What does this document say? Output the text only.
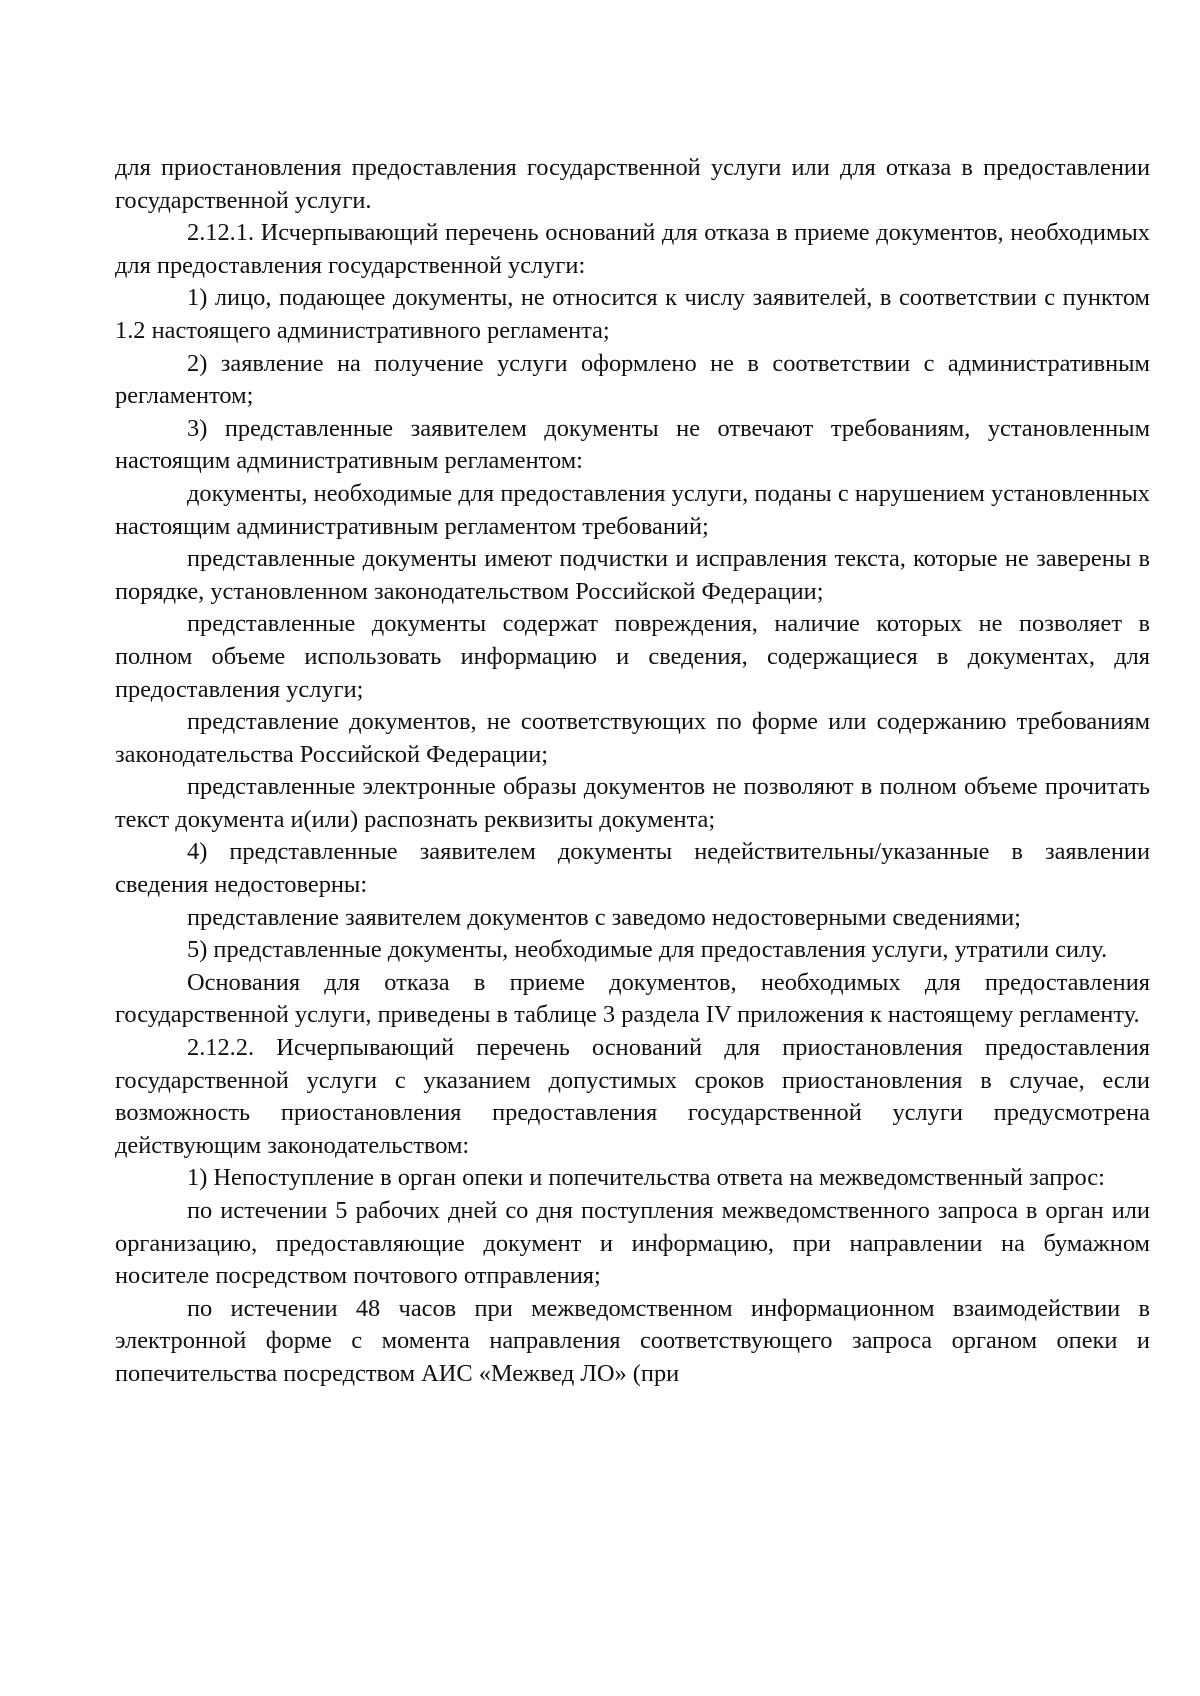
для приостановления предоставления государственной услуги или для отказа в предоставлении государственной услуги.

2.12.1. Исчерпывающий перечень оснований для отказа в приеме документов, необходимых для предоставления государственной услуги:

1) лицо, подающее документы, не относится к числу заявителей, в соответствии с пунктом 1.2 настоящего административного регламента;

2) заявление на получение услуги оформлено не в соответствии с административным регламентом;

3) представленные заявителем документы не отвечают требованиям, установленным настоящим административным регламентом:

документы, необходимые для предоставления услуги, поданы с нарушением установленных настоящим административным регламентом требований;

представленные документы имеют подчистки и исправления текста, которые не заверены в порядке, установленном законодательством Российской Федерации;

представленные документы содержат повреждения, наличие которых не позволяет в полном объеме использовать информацию и сведения, содержащиеся в документах, для предоставления услуги;

представление документов, не соответствующих по форме или содержанию требованиям законодательства Российской Федерации;

представленные электронные образы документов не позволяют в полном объеме прочитать текст документа и(или) распознать реквизиты документа;

4) представленные заявителем документы недействительны/указанные в заявлении сведения недостоверны:

представление заявителем документов с заведомо недостоверными сведениями;

5) представленные документы, необходимые для предоставления услуги, утратили силу.

Основания для отказа в приеме документов, необходимых для предоставления государственной услуги, приведены в таблице 3 раздела IV приложения к настоящему регламенту.

2.12.2. Исчерпывающий перечень оснований для приостановления предоставления государственной услуги с указанием допустимых сроков приостановления в случае, если возможность приостановления предоставления государственной услуги предусмотрена действующим законодательством:

1) Непоступление в орган опеки и попечительства ответа на межведомственный запрос:

по истечении 5 рабочих дней со дня поступления межведомственного запроса в орган или организацию, предоставляющие документ и информацию, при направлении на бумажном носителе посредством почтового отправления;

по истечении 48 часов при межведомственном информационном взаимодействии в электронной форме с момента направления соответствующего запроса органом опеки и попечительства посредством АИС «Межвед ЛО» (при
